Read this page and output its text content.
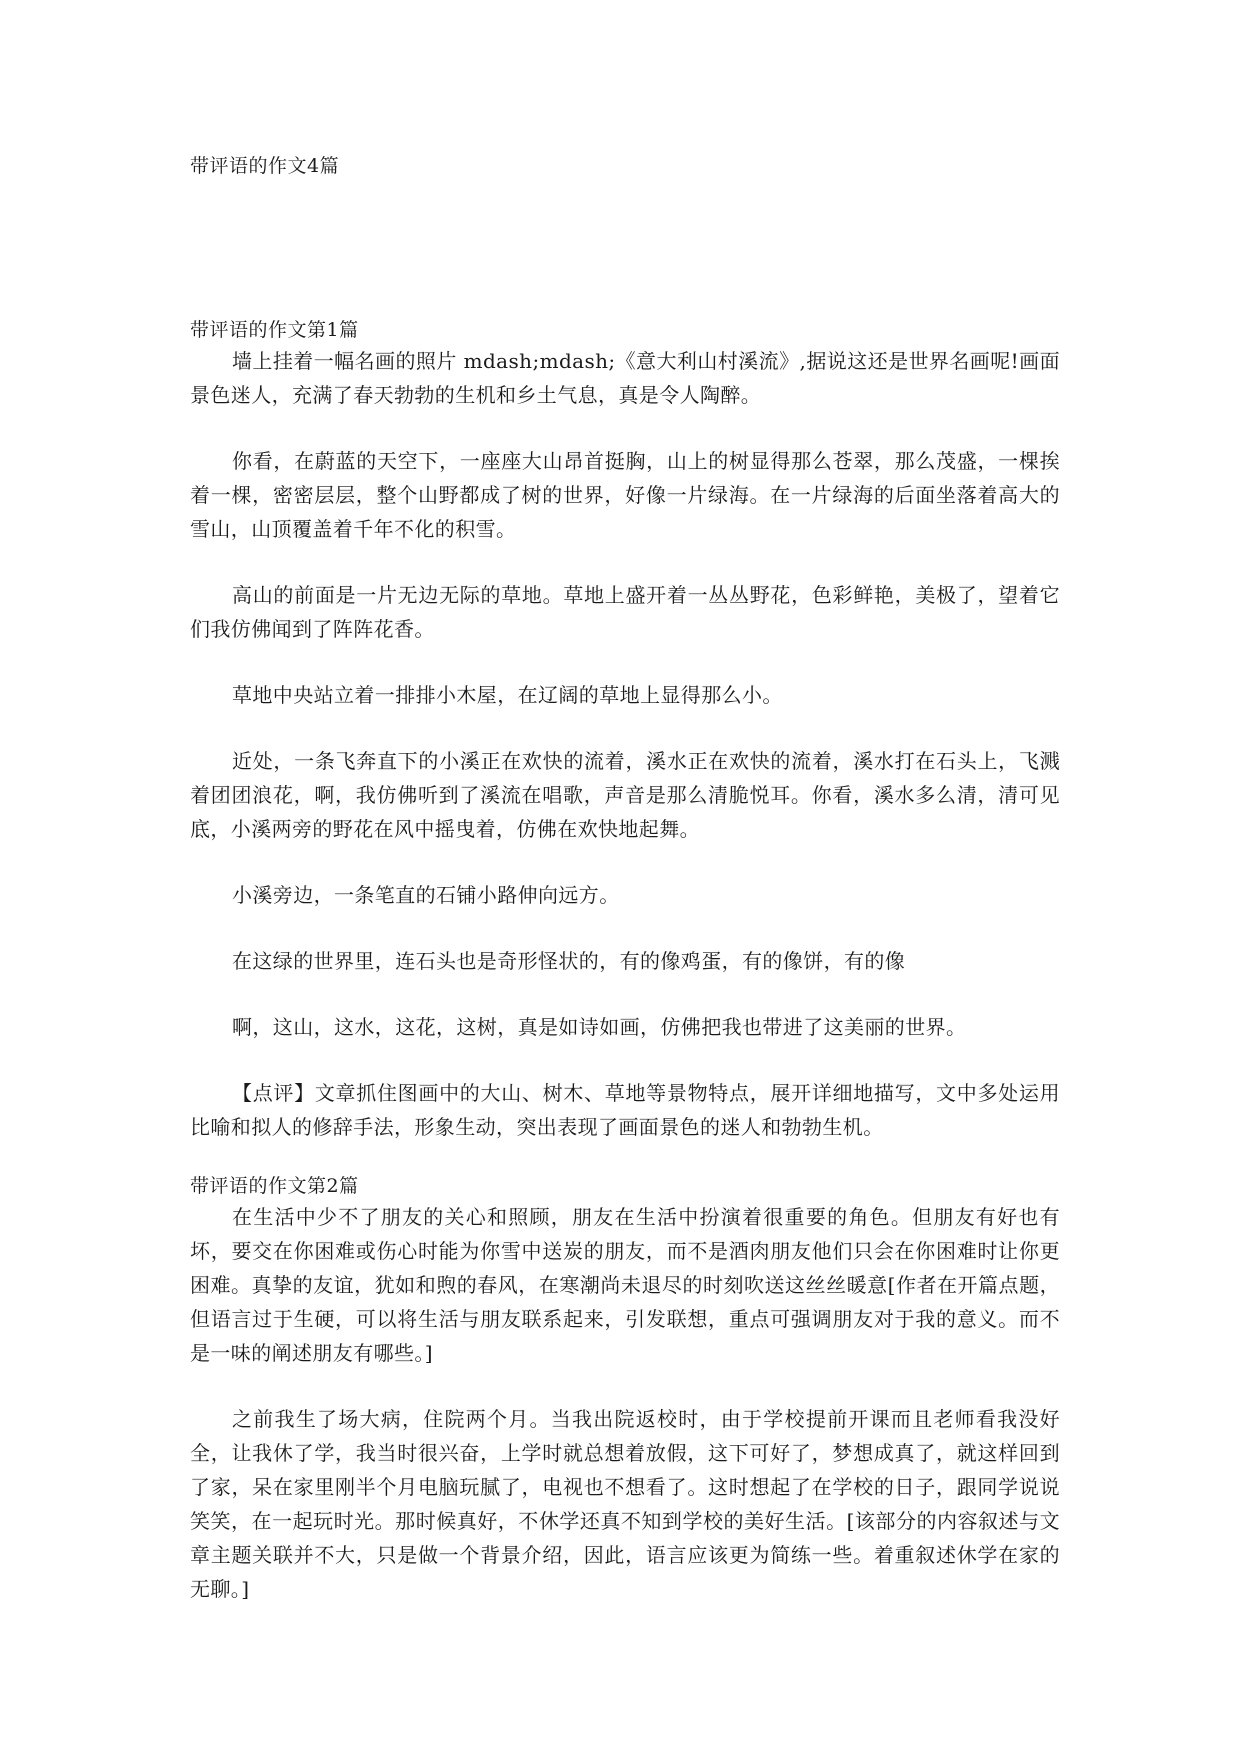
带评语的作文4篇

带评语的作文第1篇

墙上挂着一幅名画的照片 mdash;mdash;《意大利山村溪流》,据说这还是世界名画呢!画面景色迷人，充满了春天勃勃的生机和乡土气息，真是令人陶醉。

你看，在蔚蓝的天空下，一座座大山昂首挺胸，山上的树显得那么苍翠，那么茂盛，一棵挨着一棵，密密层层，整个山野都成了树的世界，好像一片绿海。在一片绿海的后面坐落着高大的雪山，山顶覆盖着千年不化的积雪。

高山的前面是一片无边无际的草地。草地上盛开着一丛丛野花，色彩鲜艳，美极了，望着它们我仿佛闻到了阵阵花香。

草地中央站立着一排排小木屋，在辽阔的草地上显得那么小。

近处，一条飞奔直下的小溪正在欢快的流着，溪水正在欢快的流着，溪水打在石头上，飞溅着团团浪花，啊，我仿佛听到了溪流在唱歌，声音是那么清脆悦耳。你看，溪水多么清，清可见底，小溪两旁的野花在风中摇曳着，仿佛在欢快地起舞。

小溪旁边，一条笔直的石铺小路伸向远方。

在这绿的世界里，连石头也是奇形怪状的，有的像鸡蛋，有的像饼，有的像

啊，这山，这水，这花，这树，真是如诗如画，仿佛把我也带进了这美丽的世界。

【点评】文章抓住图画中的大山、树木、草地等景物特点，展开详细地描写，文中多处运用比喻和拟人的修辞手法，形象生动，突出表现了画面景色的迷人和勃勃生机。

带评语的作文第2篇

在生活中少不了朋友的关心和照顾，朋友在生活中扮演着很重要的角色。但朋友有好也有坏，要交在你困难或伤心时能为你雪中送炭的朋友，而不是酒肉朋友他们只会在你困难时让你更困难。真挚的友谊，犹如和煦的春风，在寒潮尚未退尽的时刻吹送这丝丝暖意[作者在开篇点题，但语言过于生硬，可以将生活与朋友联系起来，引发联想，重点可强调朋友对于我的意义。而不是一味的阐述朋友有哪些。]

之前我生了场大病，住院两个月。当我出院返校时，由于学校提前开课而且老师看我没好全，让我休了学，我当时很兴奋，上学时就总想着放假，这下可好了，梦想成真了，就这样回到了家，呆在家里刚半个月电脑玩腻了，电视也不想看了。这时想起了在学校的日子，跟同学说说笑笑，在一起玩时光。那时候真好，不休学还真不知到学校的美好生活。[该部分的内容叙述与文章主题关联并不大，只是做一个背景介绍，因此，语言应该更为简练一些。着重叙述休学在家的无聊。]
